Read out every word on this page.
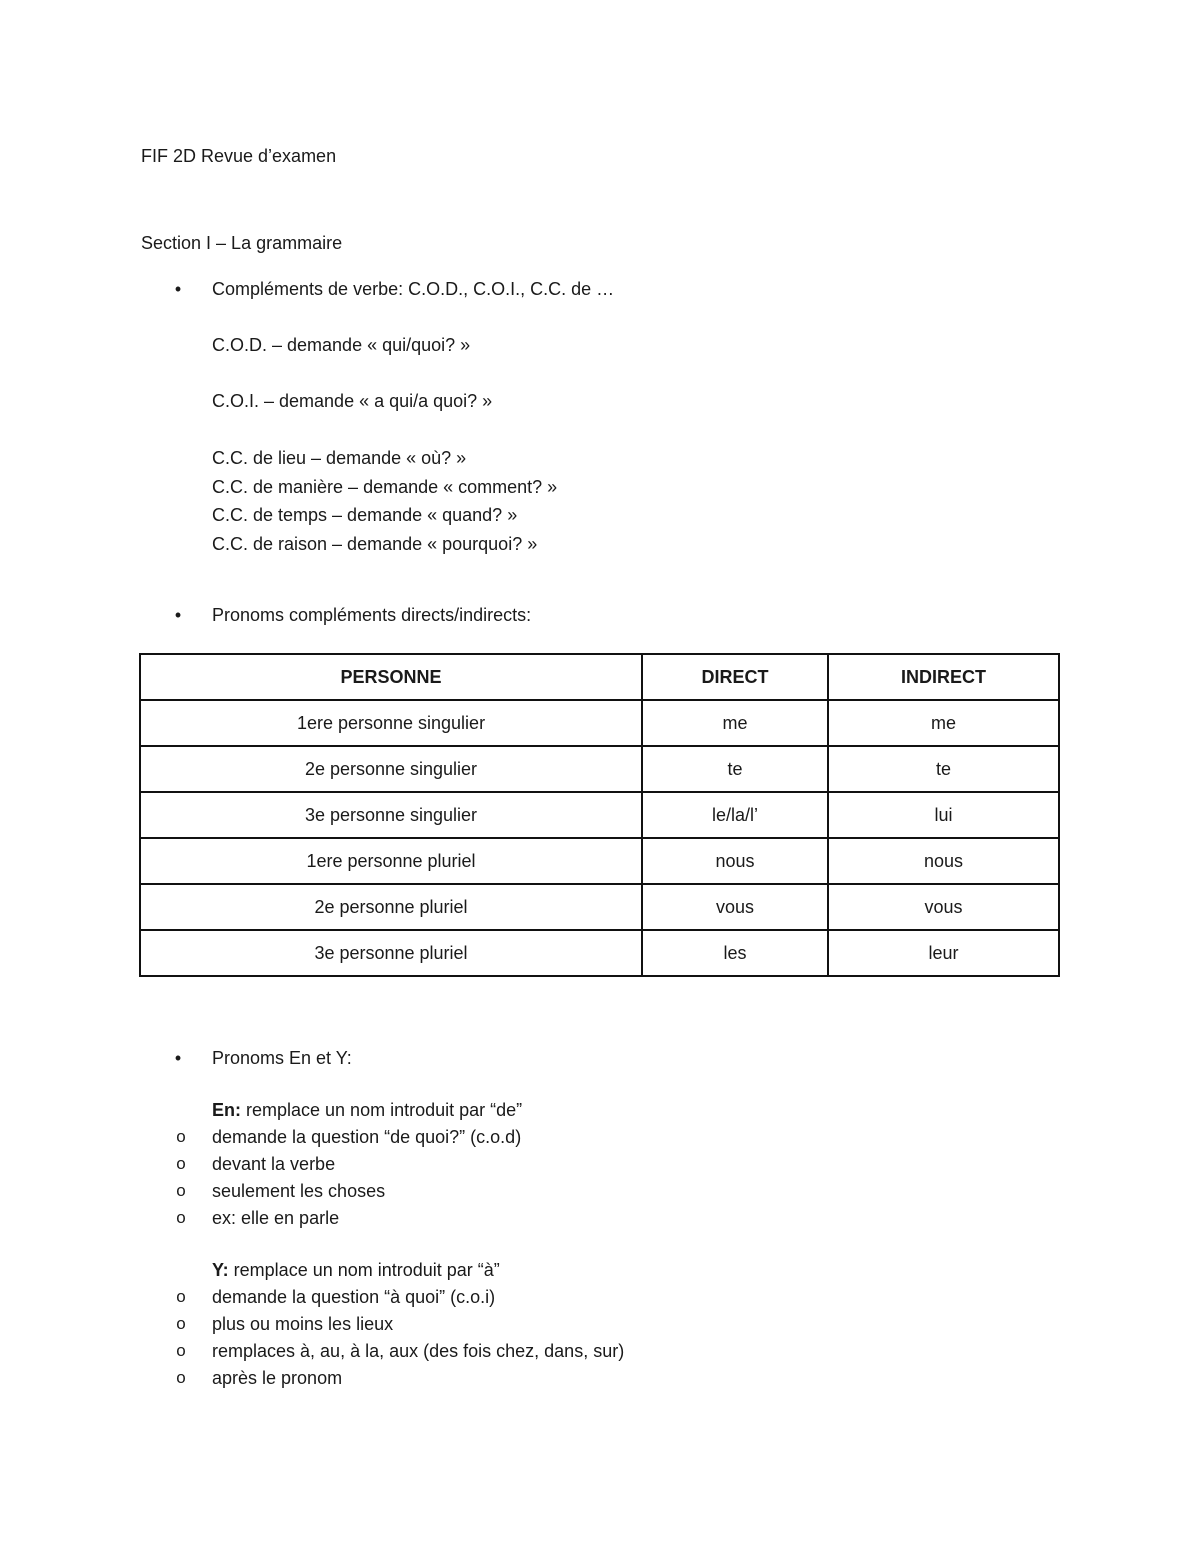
FIF 2D Revue d’examen
Section I – La grammaire
• Compléments de verbe: C.O.D., C.O.I., C.C. de …
C.O.D. – demande « qui/quoi? »
C.O.I. – demande « a qui/a quoi? »
C.C. de lieu – demande « où? »
C.C. de manière – demande « comment? »
C.C. de temps – demande « quand? »
C.C. de raison – demande « pourquoi? »
• Pronoms compléments directs/indirects:
PERSONNE	DIRECT	INDIRECT
1ere personne singulier	me	me
2e personne singulier	te	te
3e personne singulier	le/la/l’	lui
1ere personne pluriel	nous	nous
2e personne pluriel	vous	vous
3e personne pluriel	les	leur
• Pronoms En et Y:
En: remplace un nom introduit par “de”
o demande la question “de quoi?” (c.o.d)
o devant la verbe
o seulement les choses
o ex: elle en parle
Y: remplace un nom introduit par “à”
o demande la question “à quoi” (c.o.i)
o plus ou moins les lieux
o remplaces à, au, à la, aux (des fois chez, dans, sur)
o après le pronom
